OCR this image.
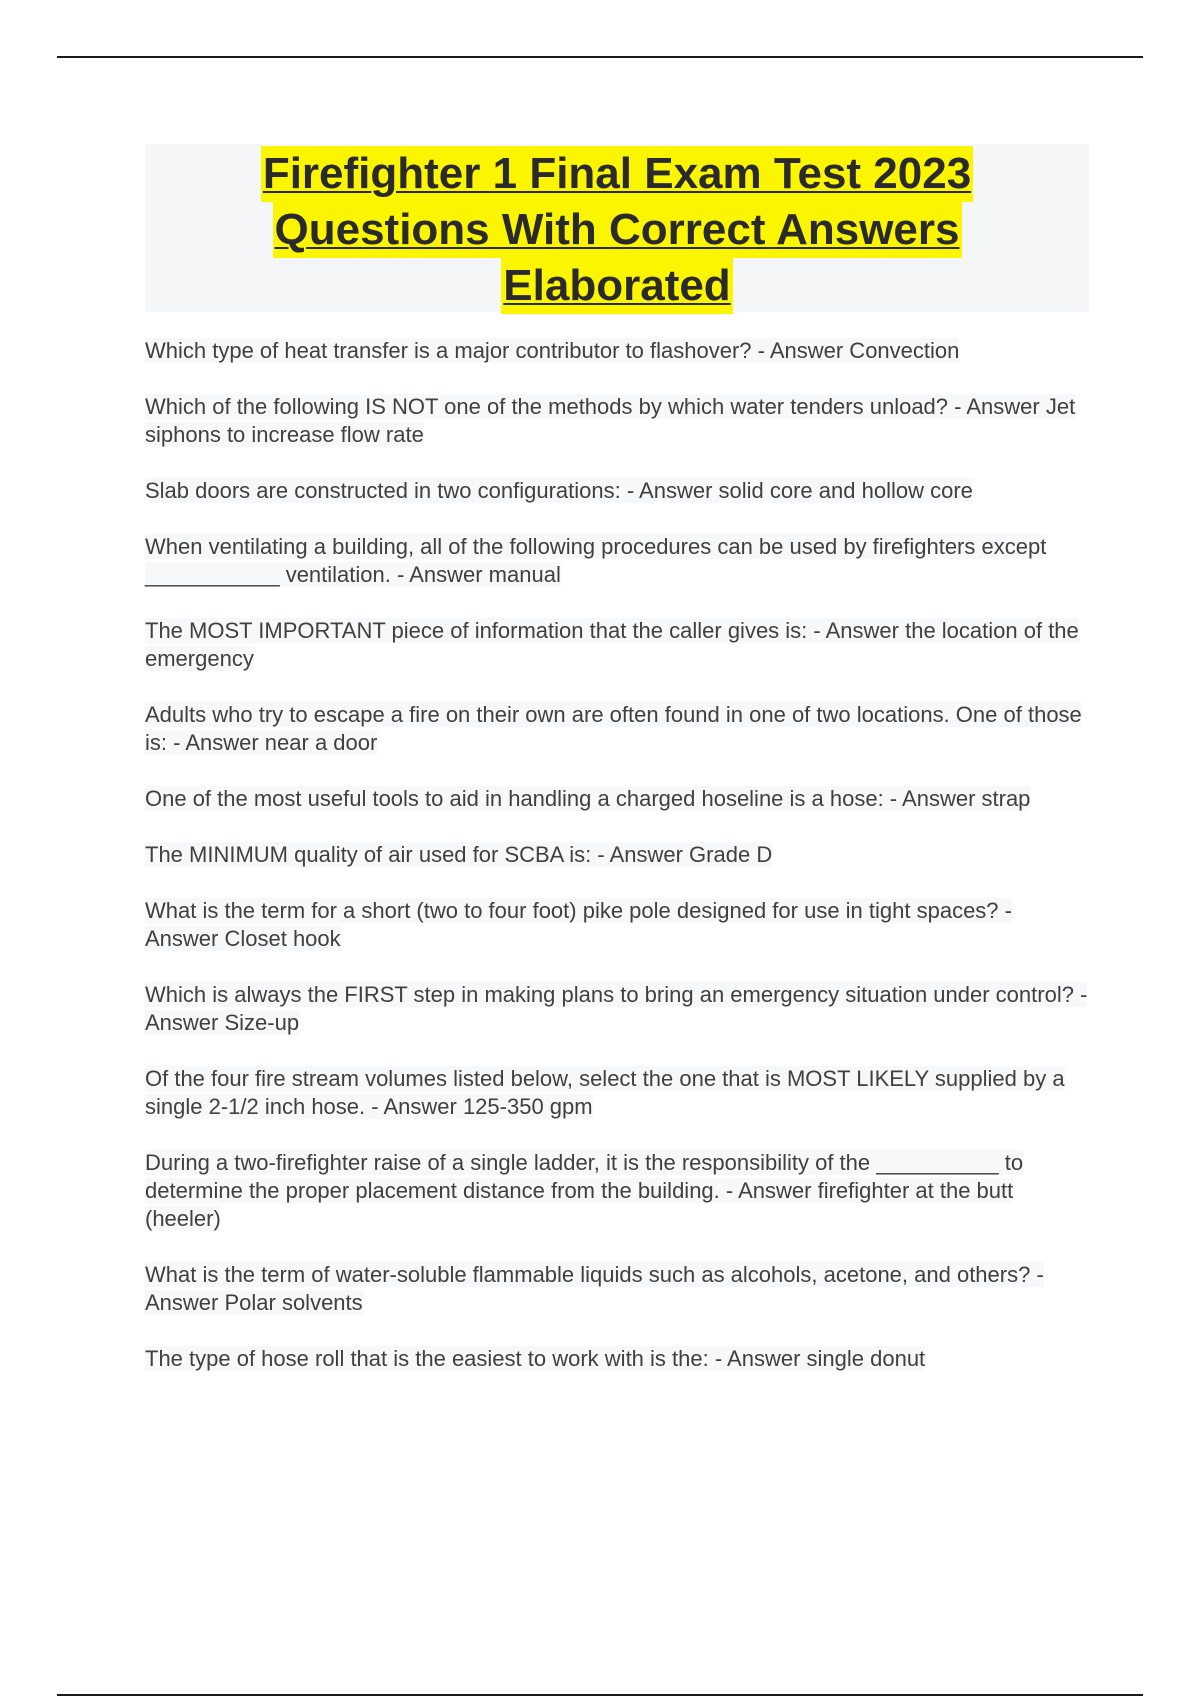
Firefighter 1 Final Exam Test 2023
Questions With Correct Answers
Elaborated

Which type of heat transfer is a major contributor to flashover? - Answer Convection

Which of the following IS NOT one of the methods by which water tenders unload? - Answer Jet siphons to increase flow rate

Slab doors are constructed in two configurations: - Answer solid core and hollow core

When ventilating a building, all of the following procedures can be used by firefighters except ___________ ventilation. - Answer manual

The MOST IMPORTANT piece of information that the caller gives is: - Answer the location of the emergency

Adults who try to escape a fire on their own are often found in one of two locations. One of those is: - Answer near a door

One of the most useful tools to aid in handling a charged hoseline is a hose: - Answer strap

The MINIMUM quality of air used for SCBA is: - Answer Grade D

What is the term for a short (two to four foot) pike pole designed for use in tight spaces? - Answer Closet hook

Which is always the FIRST step in making plans to bring an emergency situation under control? - Answer Size-up

Of the four fire stream volumes listed below, select the one that is MOST LIKELY supplied by a single 2-1/2 inch hose. - Answer 125-350 gpm

During a two-firefighter raise of a single ladder, it is the responsibility of the __________ to determine the proper placement distance from the building. - Answer firefighter at the butt (heeler)

What is the term of water-soluble flammable liquids such as alcohols, acetone, and others? - Answer Polar solvents

The type of hose roll that is the easiest to work with is the: - Answer single donut
